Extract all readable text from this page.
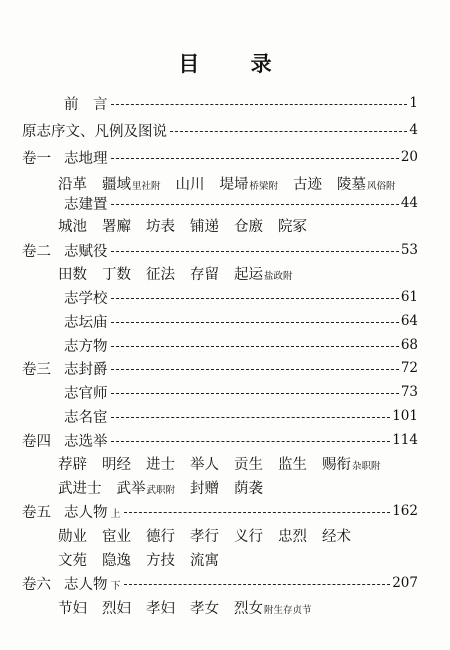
目 录
前　言	1
原志序文、凡例及图说	4
卷一 志地理	20
沿革 疆域里社附 山川 堤埽桥梁附 古迹 陵墓风俗附
志建置	44
城池 署廨 坊表 铺递 仓廒 院冢
卷二 志赋役	53
田数 丁数 征法 存留 起运盐政附
志学校	61
志坛庙	64
志方物	68
卷三 志封爵	72
志官师	73
志名宦	101
卷四 志选举	114
荐辟 明经 进士 举人 贡生 监生 赐衔杂职附
武进士 武举武职附 封赠 荫袭
卷五 志人物 上	162
勋业 宦业 德行 孝行 义行 忠烈 经术
文苑 隐逸 方技 流寓
卷六 志人物 下	207
节妇 烈妇 孝妇 孝女 烈女附生存贞节
